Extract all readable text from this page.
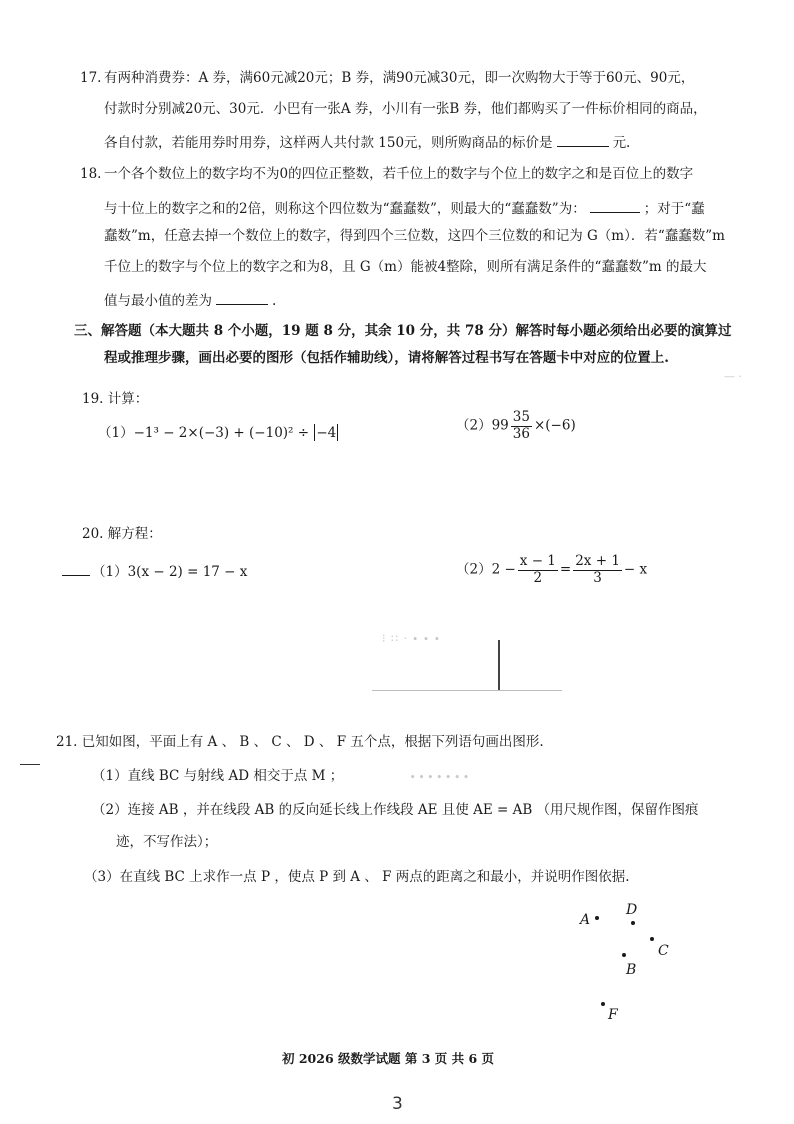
17. 有两种消费券：A 券，满60元减20元；B 券，满90元减30元，即一次购物大于等于60元、90元，
付款时分别减20元、30元．小巴有一张A 券，小川有一张B 券，他们都购买了一件标价相同的商品，
各自付款，若能用券时用券，这样两人共付款 150元，则所购商品的标价是	元.
18. 一个各个数位上的数字均不为0的四位正整数，若千位上的数字与个位上的数字之和是百位上的数字
与十位上的数字之和的2倍，则称这个四位数为“蠢蠢数”，则最大的“蠢蠢数”为：	；对于“蠢
蠢数”m，任意去掉一个数位上的数字，得到四个三位数，这四个三位数的和记为 G（m）．若“蠢蠢数”m
千位上的数字与个位上的数字之和为8，且 G（m）能被4整除，则所有满足条件的“蠢蠢数”m 的最大
值与最小值的差为	.
三、解答题（本大题共 8 个小题，19 题 8 分，其余 10 分，共 78 分）解答时每小题必须给出必要的演算过
程或推理步骤，画出必要的图形（包括作辅助线），请将解答过程书写在答题卡中对应的位置上.
— ·
19. 计算：
（1）−1³ − 2×(−3) + (−10)² ÷ −4	$(2)99 \frac{35}{36} \times(-6)$
20. 解方程：
（1）3(x − 2) = 17 − x	$(2)2 - \frac{x - 1}{2} = \frac{2x + 1}{3} - x$
⁝ ∷ · ∙ ∙ ∙
21. 已知如图，平面上有 A 、 B 、 C 、 D 、 F 五个点，根据下列语句画出图形.
（1）直线 BC 与射线 AD 相交于点 M ；	∙ ∙ ∙ ∙ ∙ ∙ ∙
（2）连接 AB ，并在线段 AB 的反向延长线上作线段 AE 且使 AE = AB （用尺规作图，保留作图痕
迹，不写作法）；
（3）在直线 BC 上求作一点 P ，使点 P 到 A 、 F 两点的距离之和最小，并说明作图依据.
A
D
C
B
F
初 2026 级数学试题 第 3 页 共 6 页
3
